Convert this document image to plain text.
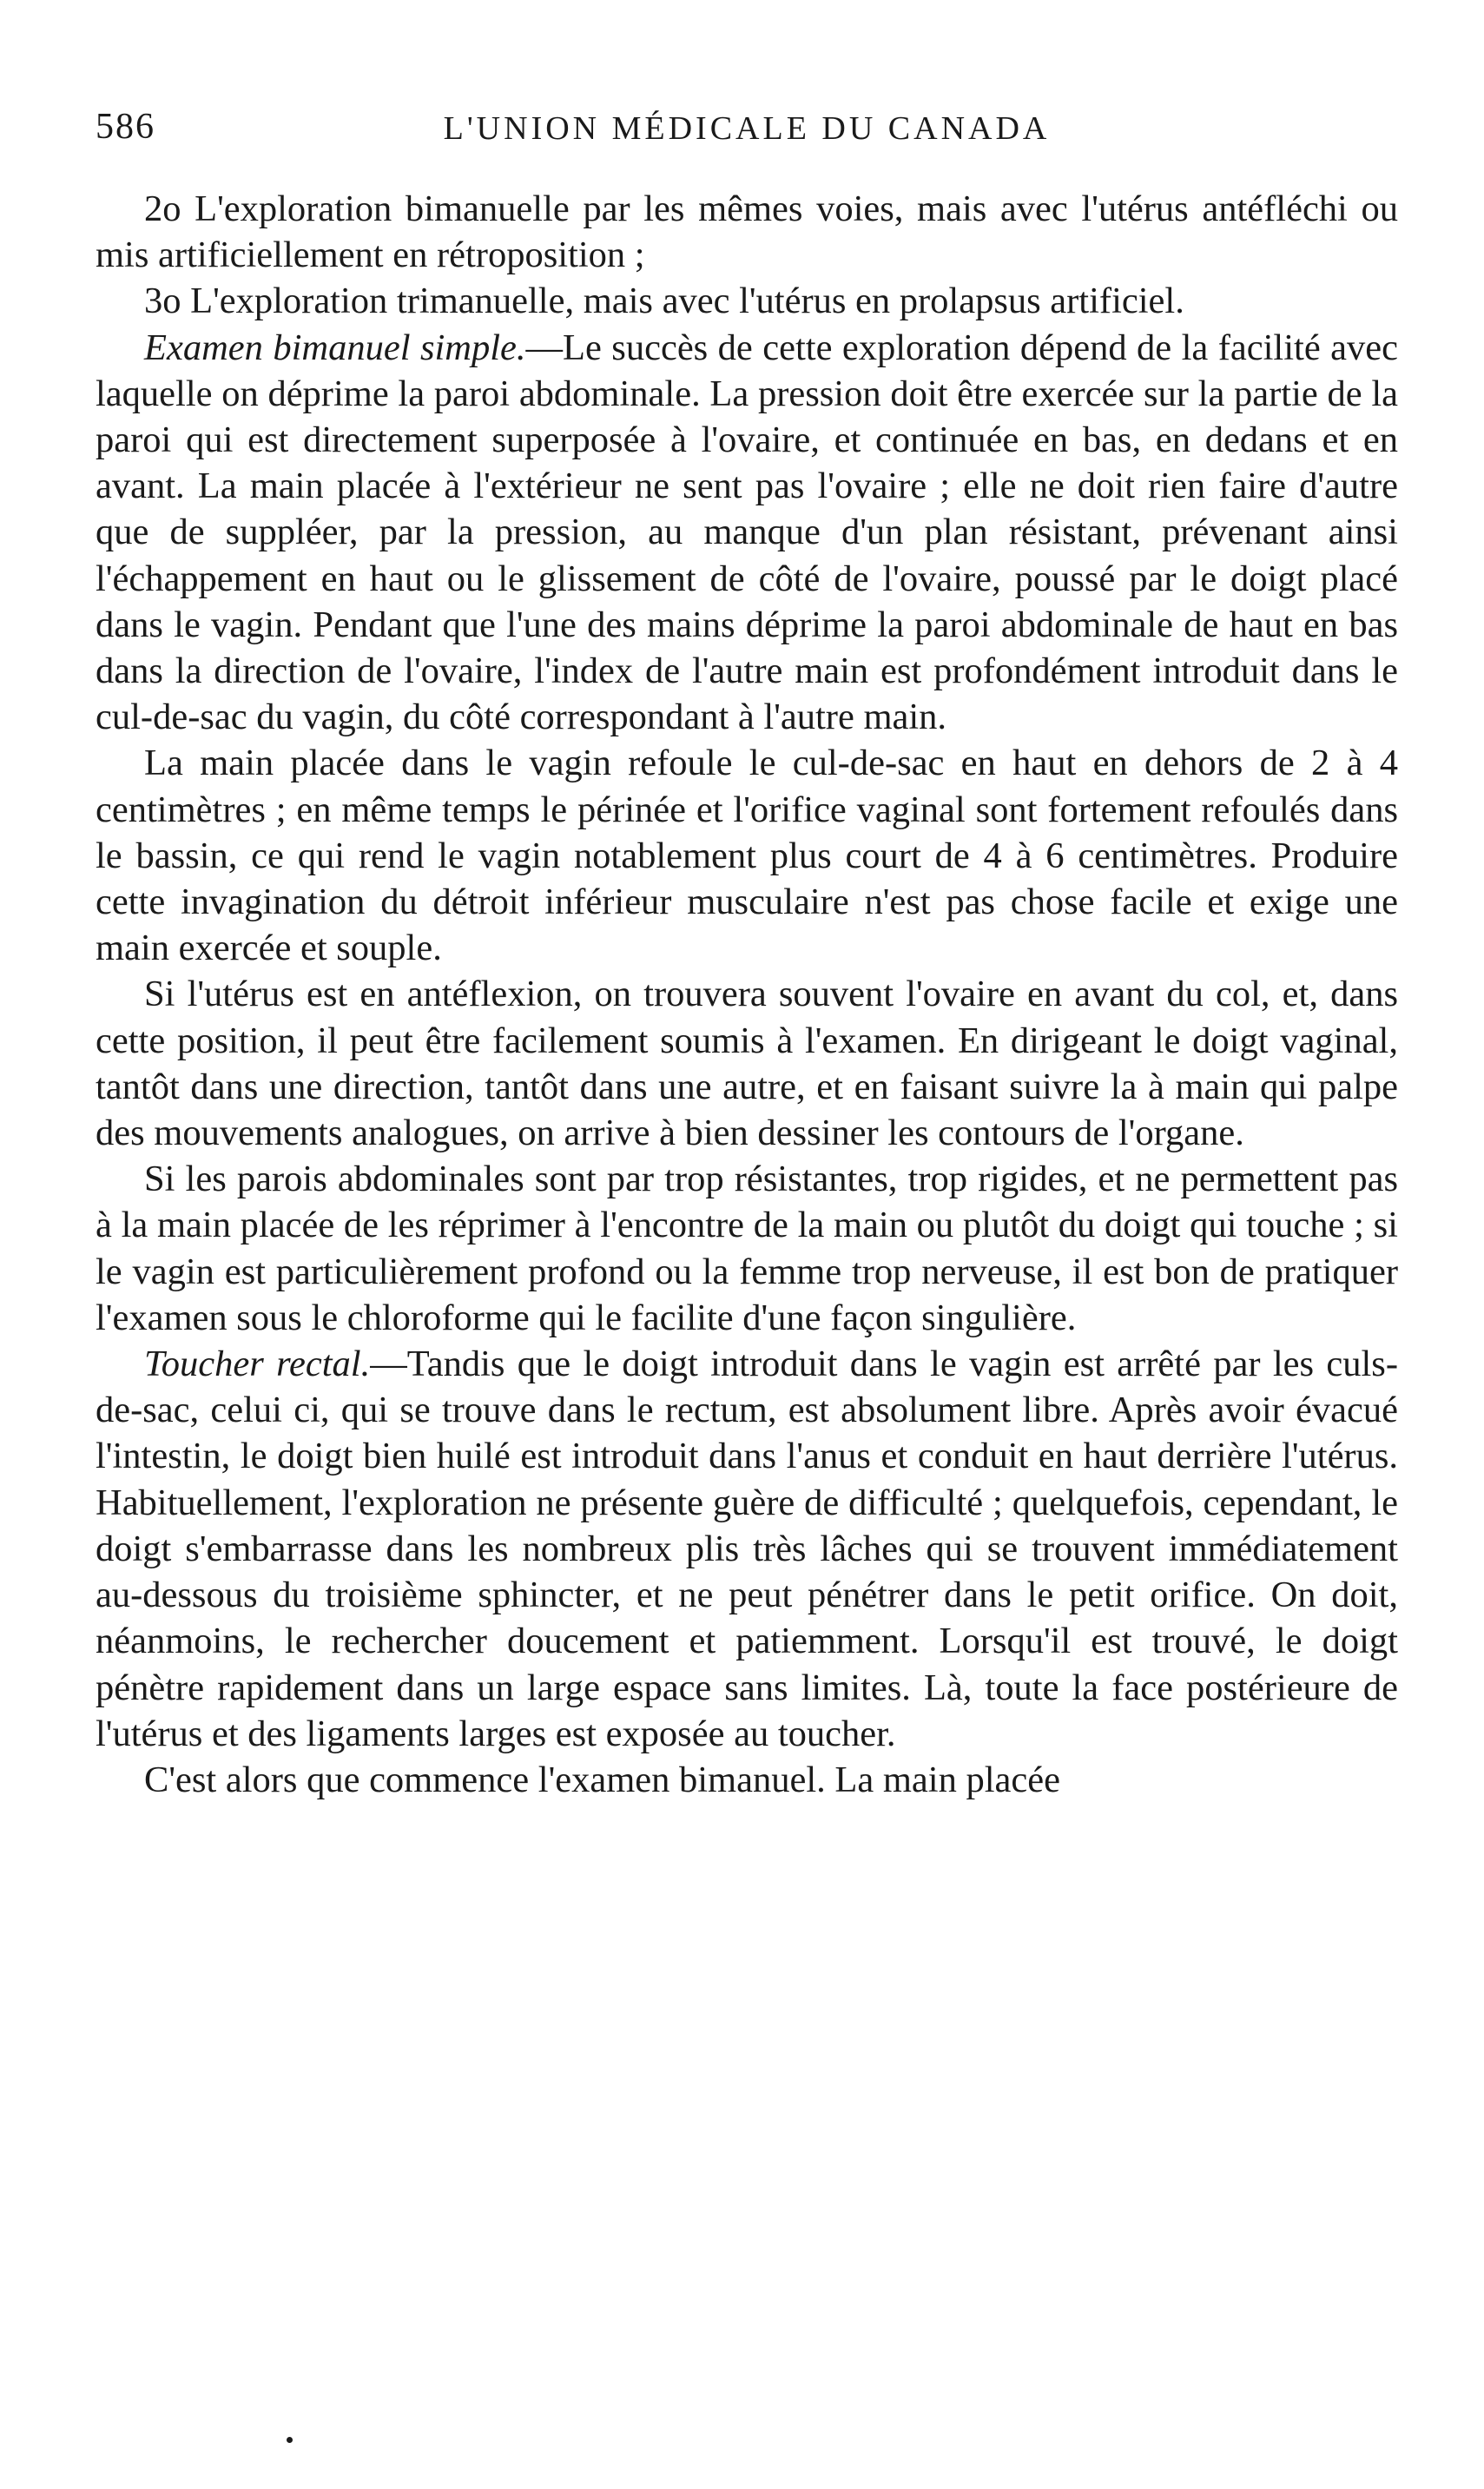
586	L'UNION MÉDICALE DU CANADA

2o L'exploration bimanuelle par les mêmes voies, mais avec l'utérus antéfléchi ou mis artificiellement en rétroposition ;

3o L'exploration trimanuelle, mais avec l'utérus en prolapsus artificiel.

Examen bimanuel simple.—Le succès de cette exploration dépend de la facilité avec laquelle on déprime la paroi abdominale. La pression doit être exercée sur la partie de la paroi qui est directement superposée à l'ovaire, et continuée en bas, en dedans et en avant. La main placée à l'extérieur ne sent pas l'ovaire ; elle ne doit rien faire d'autre que de suppléer, par la pression, au manque d'un plan résistant, prévenant ainsi l'échappement en haut ou le glissement de côté de l'ovaire, poussé par le doigt placé dans le vagin. Pendant que l'une des mains déprime la paroi abdominale de haut en bas dans la direction de l'ovaire, l'index de l'autre main est profondément introduit dans le cul-de-sac du vagin, du côté correspondant à l'autre main.

La main placée dans le vagin refoule le cul-de-sac en haut en dehors de 2 à 4 centimètres ; en même temps le périnée et l'orifice vaginal sont fortement refoulés dans le bassin, ce qui rend le vagin notablement plus court de 4 à 6 centimètres. Produire cette invagination du détroit inférieur musculaire n'est pas chose facile et exige une main exercée et souple.

Si l'utérus est en antéflexion, on trouvera souvent l'ovaire en avant du col, et, dans cette position, il peut être facilement soumis à l'examen. En dirigeant le doigt vaginal, tantôt dans une direction, tantôt dans une autre, et en faisant suivre la à main qui palpe des mouvements analogues, on arrive à bien dessiner les contours de l'organe.

Si les parois abdominales sont par trop résistantes, trop rigides, et ne permettent pas à la main placée de les réprimer à l'encontre de la main ou plutôt du doigt qui touche ; si le vagin est particulièrement profond ou la femme trop nerveuse, il est bon de pratiquer l'examen sous le chloroforme qui le facilite d'une façon singulière.

Toucher rectal.—Tandis que le doigt introduit dans le vagin est arrêté par les culs-de-sac, celui ci, qui se trouve dans le rectum, est absolument libre. Après avoir évacué l'intestin, le doigt bien huilé est introduit dans l'anus et conduit en haut derrière l'utérus. Habituellement, l'exploration ne présente guère de difficulté ; quelquefois, cependant, le doigt s'embarrasse dans les nombreux plis très lâches qui se trouvent immédiatement au-dessous du troisième sphincter, et ne peut pénétrer dans le petit orifice. On doit, néanmoins, le rechercher doucement et patiemment. Lorsqu'il est trouvé, le doigt pénètre rapidement dans un large espace sans limites. Là, toute la face postérieure de l'utérus et des ligaments larges est exposée au toucher.

C'est alors que commence l'examen bimanuel. La main placée
